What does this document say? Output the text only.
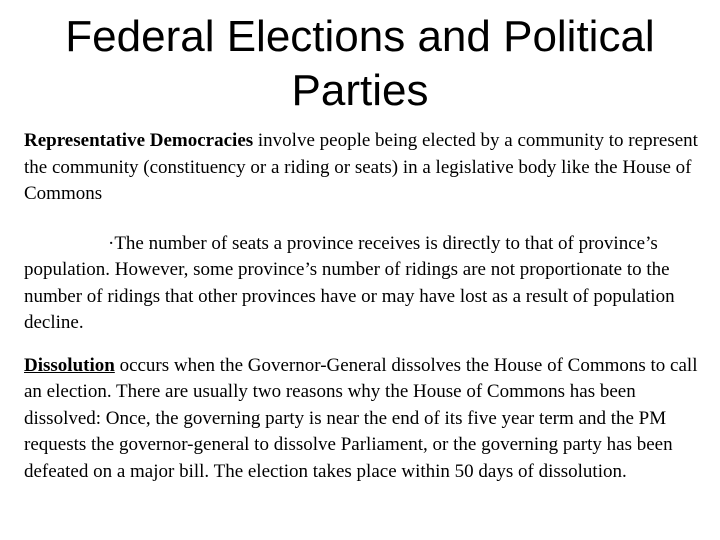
Federal Elections and Political
Parties

Representative Democracies involve people being elected by a community to represent the community (constituency or a riding or seats) in a legislative body like the House of Commons

·The number of seats a province receives is directly to that of province’s population. However, some province’s number of ridings are not proportionate to the number of ridings that other provinces have or may have lost as a result of population decline.

Dissolution occurs when the Governor-General dissolves the House of Commons to call an election. There are usually two reasons why the House of Commons has been dissolved: Once, the governing party is near the end of its five year term and the PM requests the governor-general to dissolve Parliament, or the governing party has been defeated on a major bill. The election takes place within 50 days of dissolution.
